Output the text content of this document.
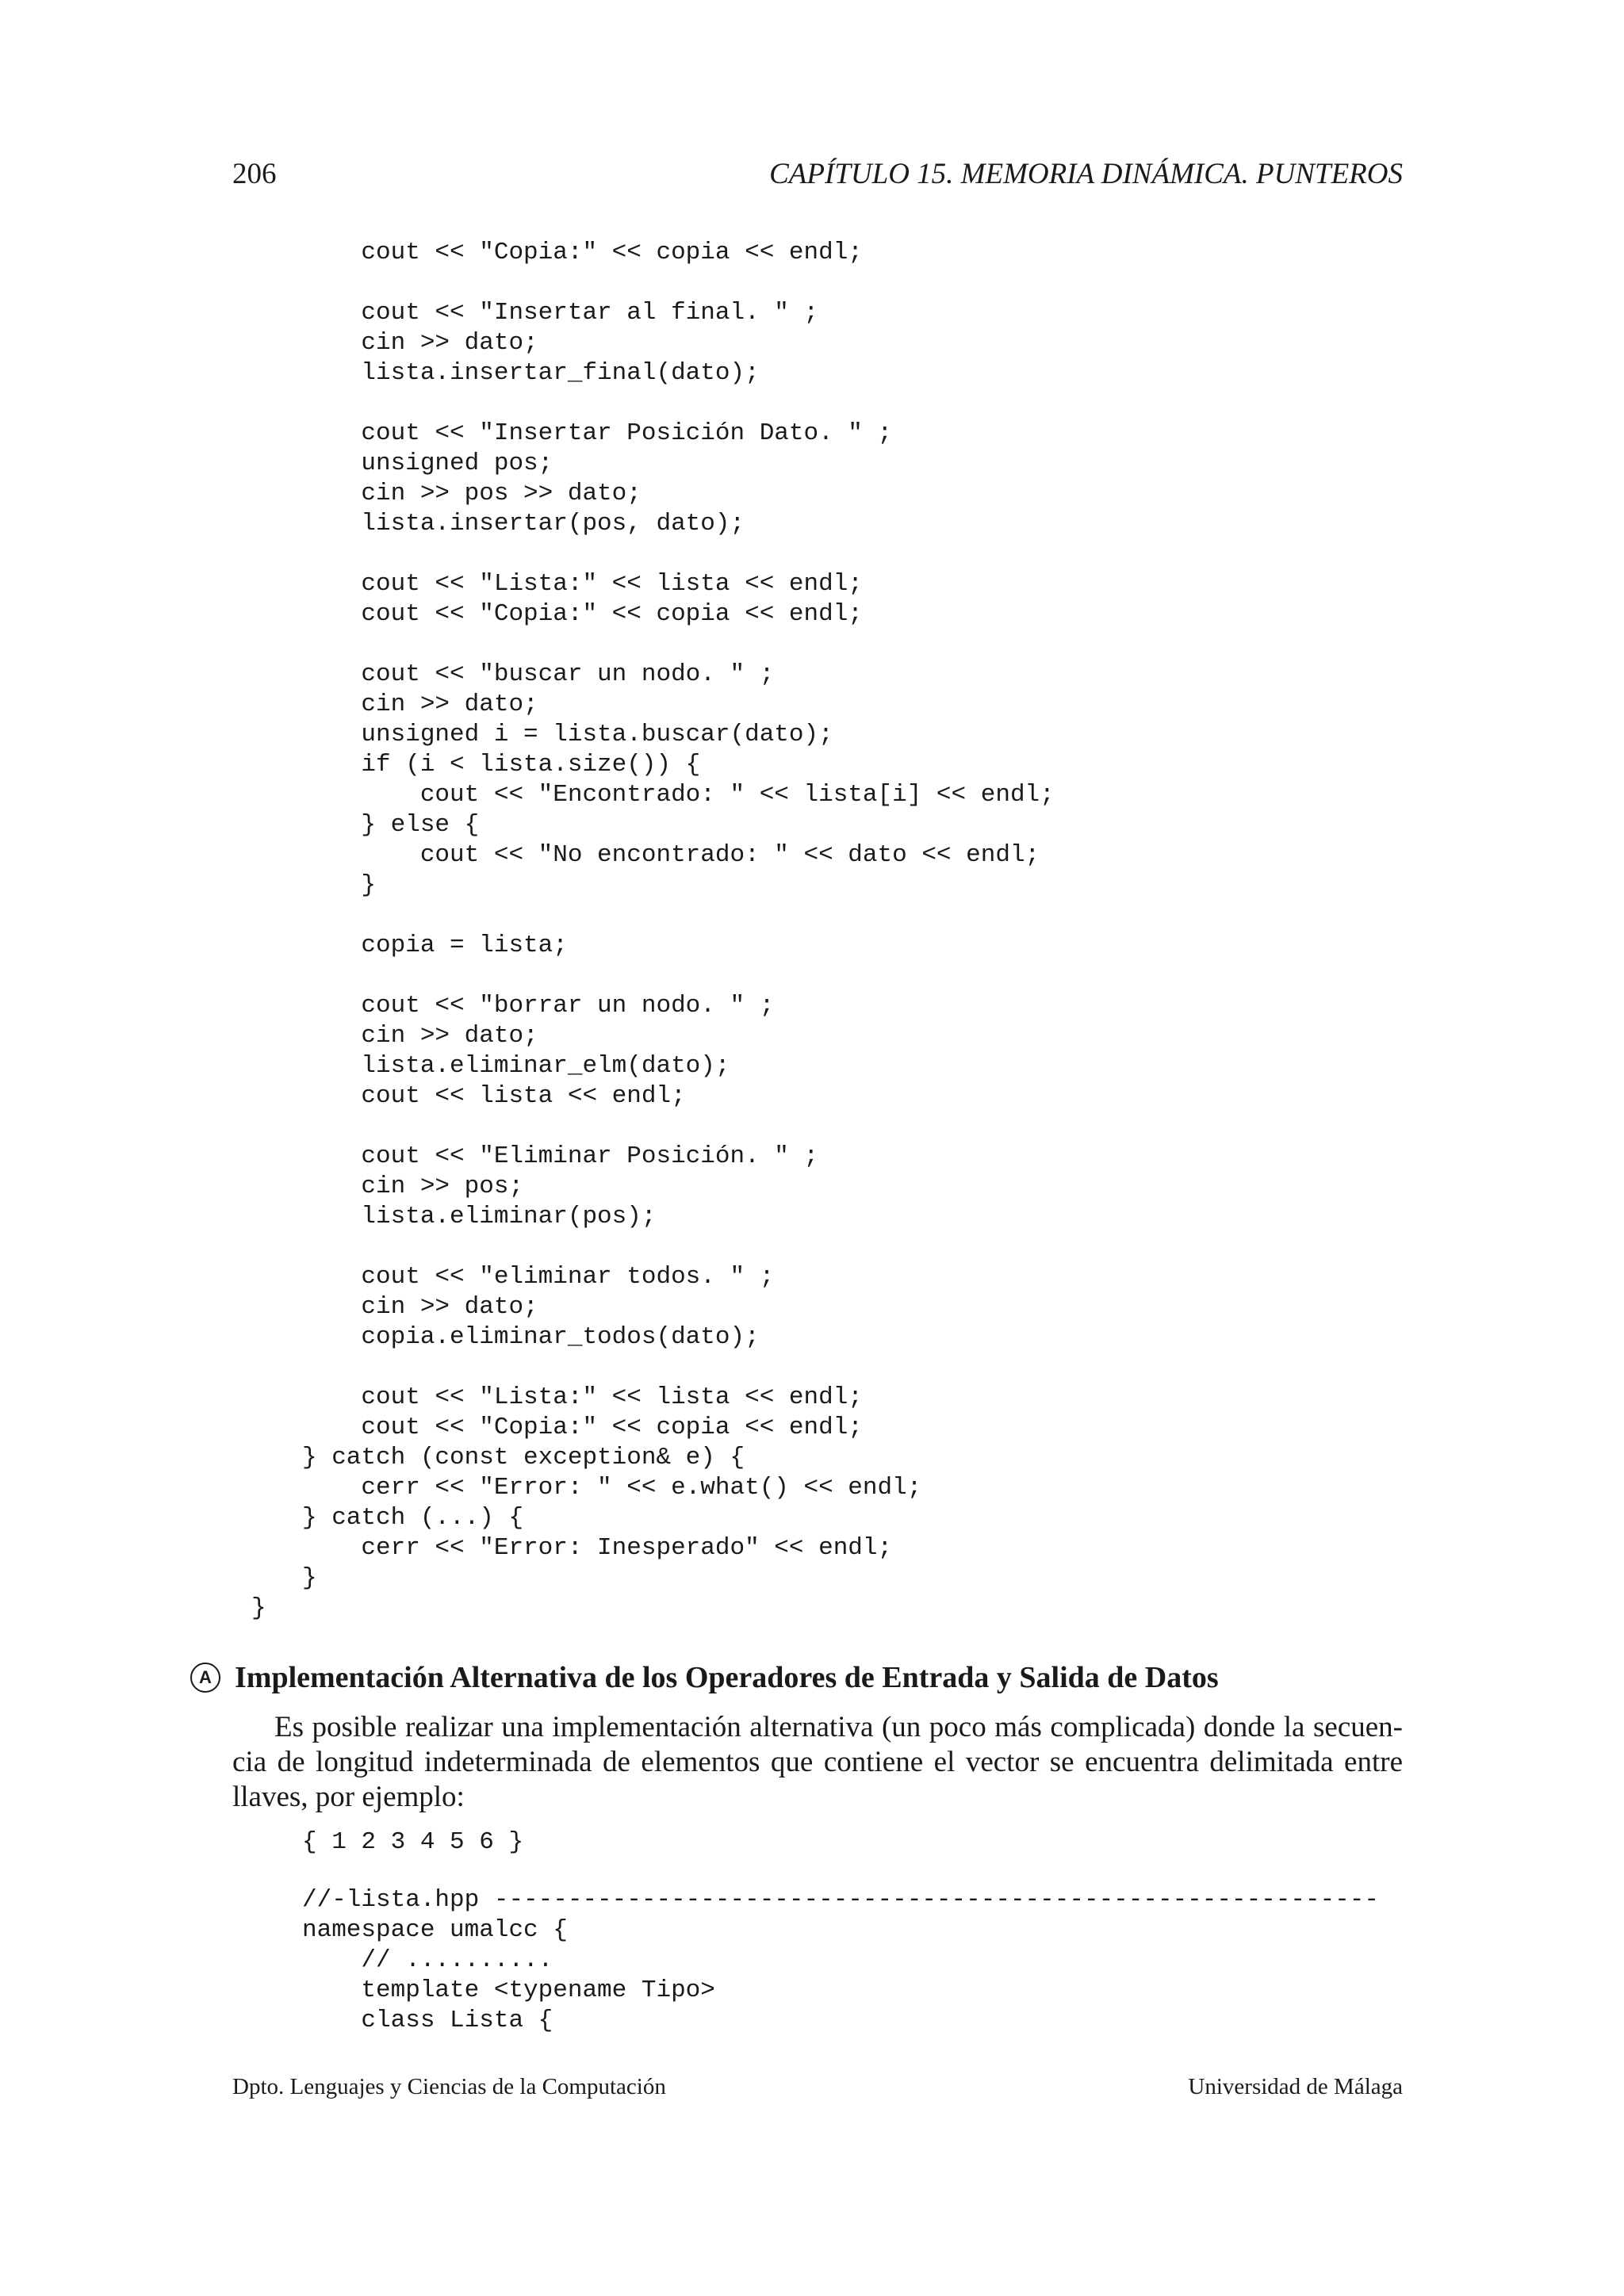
206	CAPÍTULO 15. MEMORIA DINÁMICA. PUNTEROS
cout << "Copia:" << copia << endl;
cout << "Insertar al final. " ;
cin >> dato;
lista.insertar_final(dato);
cout << "Insertar Posición Dato. " ;
unsigned pos;
cin >> pos >> dato;
lista.insertar(pos, dato);
cout << "Lista:" << lista << endl;
cout << "Copia:" << copia << endl;
cout << "buscar un nodo. " ;
cin >> dato;
unsigned i = lista.buscar(dato);
if (i < lista.size()) {
cout << "Encontrado: " << lista[i] << endl;
} else {
cout << "No encontrado: " << dato << endl;
}
copia = lista;
cout << "borrar un nodo. " ;
cin >> dato;
lista.eliminar_elm(dato);
cout << lista << endl;
cout << "Eliminar Posición. " ;
cin >> pos;
lista.eliminar(pos);
cout << "eliminar todos. " ;
cin >> dato;
copia.eliminar_todos(dato);
cout << "Lista:" << lista << endl;
cout << "Copia:" << copia << endl;
} catch (const exception& e) {
cerr << "Error: " << e.what() << endl;
} catch (...) {
cerr << "Error: Inesperado" << endl;
}
}
A Implementación Alternativa de los Operadores de Entrada y Salida de Datos

Es posible realizar una implementación alternativa (un poco más complicada) donde la secuen-cia de longitud indeterminada de elementos que contiene el vector se encuentra delimitada entre llaves, por ejemplo:

{ 1 2 3 4 5 6 }
//-lista.hpp ------------------------------------------------------------
namespace umalcc {
// ..........
template <typename Tipo>
class Lista {
Dpto. Lenguajes y Ciencias de la Computación	Universidad de Málaga
